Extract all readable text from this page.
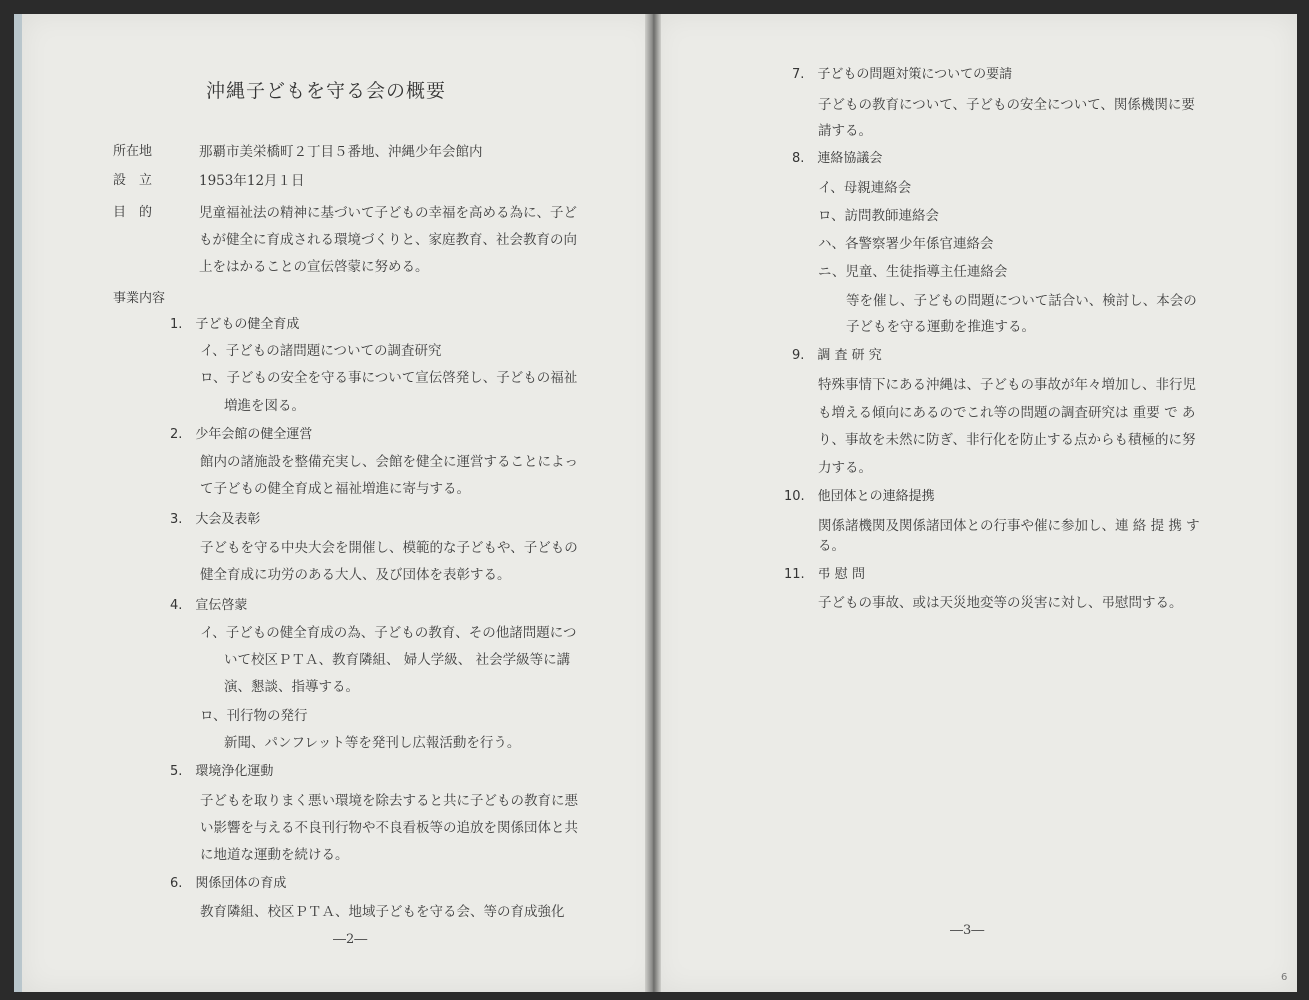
沖縄子どもを守る会の概要
所在地	那覇市美栄橋町２丁目５番地、沖縄少年会館内
設　立	1953年12月１日
目　的	児童福祉法の精神に基づいて子どもの幸福を高める為に、子ど
もが健全に育成される環境づくりと、家庭教育、社会教育の向
上をはかることの宣伝啓蒙に努める。
事業内容
1.　子どもの健全育成
イ、子どもの諸問題についての調査研究
ロ、子どもの安全を守る事について宣伝啓発し、子どもの福祉
増進を図る。
2.　少年会館の健全運営
館内の諸施設を整備充実し、会館を健全に運営することによっ
て子どもの健全育成と福祉増進に寄与する。
3.　大会及表彰
子どもを守る中央大会を開催し、模範的な子どもや、子どもの
健全育成に功労のある大人、及び団体を表彰する。
4.　宣伝啓蒙
イ、子どもの健全育成の為、子どもの教育、その他諸問題につ
いて校区ＰＴＡ、教育隣組、 婦人学級、 社会学級等に講
演、懇談、指導する。
ロ、刊行物の発行
新聞、パンフレット等を発刊し広報活動を行う。
5.　環境浄化運動
子どもを取りまく悪い環境を除去すると共に子どもの教育に悪
い影響を与える不良刊行物や不良看板等の追放を関係団体と共
に地道な運動を続ける。
6.　関係団体の育成
教育隣組、校区ＰＴＡ、地域子どもを守る会、等の育成強化
―2―
7.　子どもの問題対策についての要請
子どもの教育について、子どもの安全について、関係機関に要
請する。
8.　連絡協議会
イ、母親連絡会
ロ、訪問教師連絡会
ハ、各警察署少年係官連絡会
ニ、児童、生徒指導主任連絡会
等を催し、子どもの問題について話合い、検討し、本会の
子どもを守る運動を推進する。
9.　調 査 研 究
特殊事情下にある沖縄は、子どもの事故が年々増加し、非行児
も増える傾向にあるのでこれ等の問題の調査研究は 重要 で あ
り、事故を未然に防ぎ、非行化を防止する点からも積極的に努
力する。
10.　他団体との連絡提携
関係諸機関及関係諸団体との行事や催に参加し、連 絡 提 携 す
る。
11.　弔 慰 問
子どもの事故、或は天災地変等の災害に対し、弔慰問する。
―3―
6
